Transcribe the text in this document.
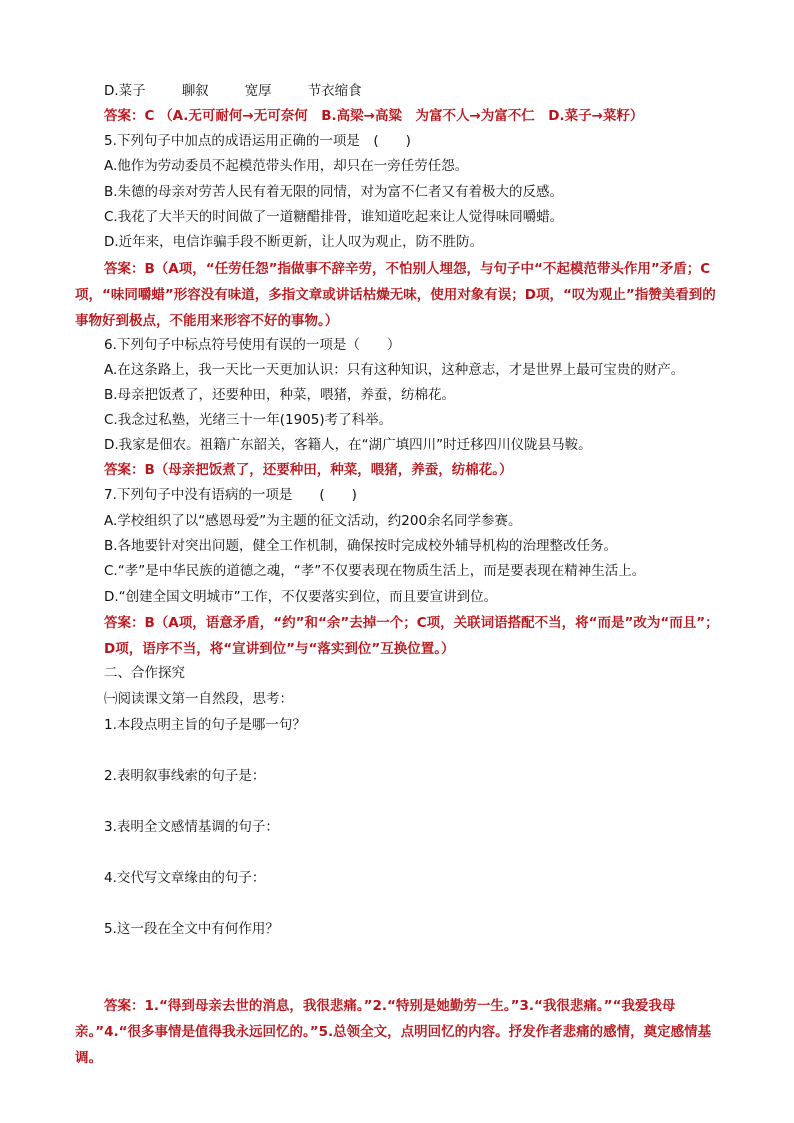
D.菜子	聊叙	宽厚	节衣缩食
答案：C （A.无可耐何→无可奈何　B.高梁→高粱　为富不人→为富不仁　D.菜子→菜籽）
5.下列句子中加点的成语运用正确的一项是　(　　)
A.他作为劳动委员不起模范带头作用，却只在一旁任劳任怨。
B.朱德的母亲对劳苦人民有着无限的同情，对为富不仁者又有着极大的反感。
C.我花了大半天的时间做了一道糖醋排骨，谁知道吃起来让人觉得味同嚼蜡。
D.近年来，电信诈骗手段不断更新，让人叹为观止，防不胜防。
答案：B（A项，“任劳任怨”指做事不辞辛劳，不怕别人埋怨，与句子中“不起模范带头作用”矛盾；C项，“味同嚼蜡”形容没有味道，多指文章或讲话枯燥无味，使用对象有误；D项，“叹为观止”指赞美看到的事物好到极点，不能用来形容不好的事物。）
6.下列句子中标点符号使用有误的一项是（　　）
A.在这条路上，我一天比一天更加认识：只有这种知识，这种意志，才是世界上最可宝贵的财产。
B.母亲把饭煮了，还要种田，种菜，喂猪，养蚕，纺棉花。
C.我念过私塾，光绪三十一年(1905)考了科举。
D.我家是佃农。祖籍广东韶关，客籍人，在“湖广填四川”时迁移四川仪陇县马鞍。
答案：B（母亲把饭煮了，还要种田，种菜，喂猪，养蚕，纺棉花。）
7.下列句子中没有语病的一项是　　(　　)
A.学校组织了以“感恩母爱”为主题的征文活动，约200余名同学参赛。
B.各地要针对突出问题，健全工作机制，确保按时完成校外辅导机构的治理整改任务。
C.“孝”是中华民族的道德之魂，“孝”不仅要表现在物质生活上，而是要表现在精神生活上。
D.“创建全国文明城市”工作，不仅要落实到位，而且要宣讲到位。
答案：B（A项，语意矛盾，“约”和“余”去掉一个；C项，关联词语搭配不当，将“而是”改为“而且”；D项，语序不当，将“宣讲到位”与“落实到位”互换位置。）
二、合作探究
㈠阅读课文第一自然段，思考：
1.本段点明主旨的句子是哪一句？
2.表明叙事线索的句子是：
3.表明全文感情基调的句子：
4.交代写文章缘由的句子：
5.这一段在全文中有何作用？
答案：1.“得到母亲去世的消息，我很悲痛。”2.“特别是她勤劳一生。”3.“我很悲痛。”“我爱我母亲。”4.“很多事情是值得我永远回忆的。”5.总领全文，点明回忆的内容。抒发作者悲痛的感情，奠定感情基调。
